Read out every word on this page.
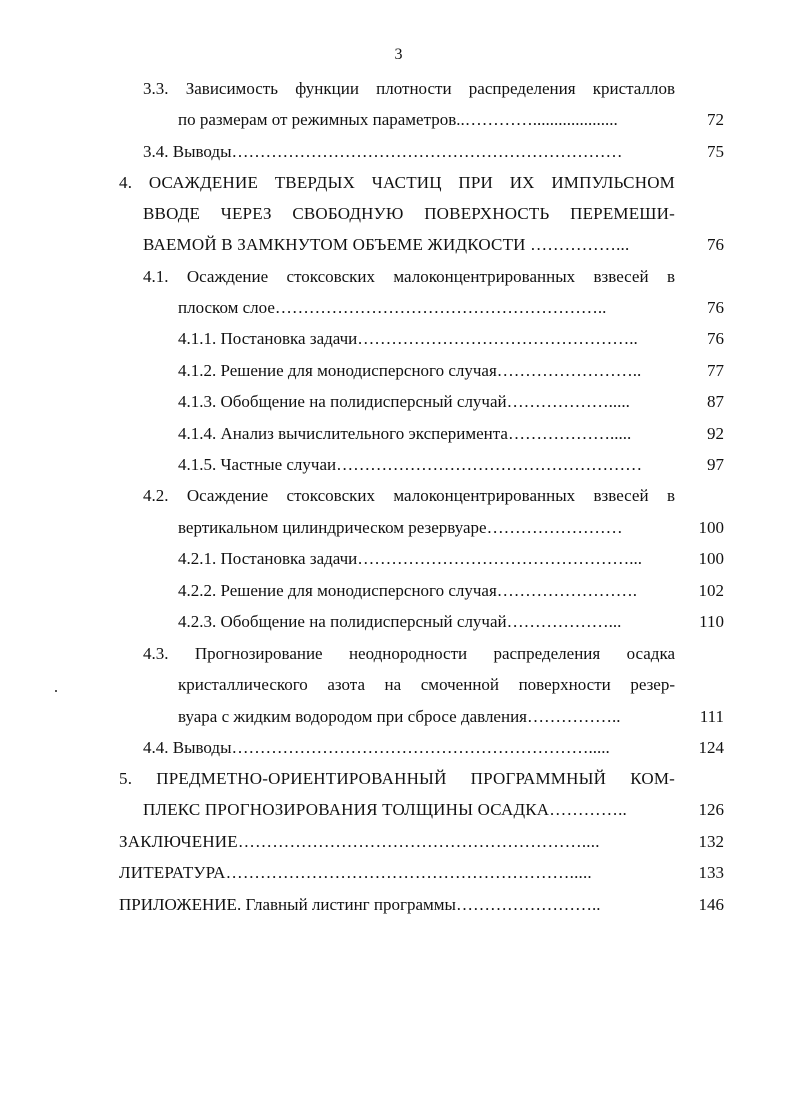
3
3.3. Зависимость функции плотности распределения кристаллов
по размерам от режимных параметров..…………....................	72
3.4. Выводы……………………………………………………………	75
4. ОСАЖДЕНИЕ ТВЕРДЫХ ЧАСТИЦ ПРИ ИХ ИМПУЛЬСНОМ
ВВОДЕ ЧЕРЕЗ СВОБОДНУЮ ПОВЕРХНОСТЬ ПЕРЕМЕШИ-
ВАЕМОЙ В ЗАМКНУТОМ ОБЪЕМЕ ЖИДКОСТИ ……………...	76
4.1. Осаждение стоксовских малоконцентрированных взвесей в
плоском слое…………………………………………………..	76
4.1.1. Постановка задачи…………………………………………..	76
4.1.2. Решение для монодисперсного случая……………………..	77
4.1.3. Обобщение на полидисперсный случай……………….....	87
4.1.4. Анализ вычислительного эксперимента……………….....	92
4.1.5. Частные случаи………………………………………………	97
4.2. Осаждение стоксовских малоконцентрированных взвесей в
вертикальном цилиндрическом резервуаре……………………	100
4.2.1. Постановка задачи…………………………………………...	100
4.2.2. Решение для монодисперсного случая…………………….	102
4.2.3. Обобщение на полидисперсный случай………………...	110
4.3. Прогнозирование неоднородности распределения осадка
кристаллического азота на смоченной поверхности резер-
вуара с жидким водородом при сбросе давления……………..	111
4.4. Выводы……………………………………………………….....	124
5. ПРЕДМЕТНО-ОРИЕНТИРОВАННЫЙ ПРОГРАММНЫЙ КОМ-
ПЛЕКС ПРОГНОЗИРОВАНИЯ ТОЛЩИНЫ ОСАДКА…………..	126
ЗАКЛЮЧЕНИЕ……………………………………………………....	132
ЛИТЕРАТУРА…………………………………………………….....	133
ПРИЛОЖЕНИЕ. Главный листинг программы……………………..	146
